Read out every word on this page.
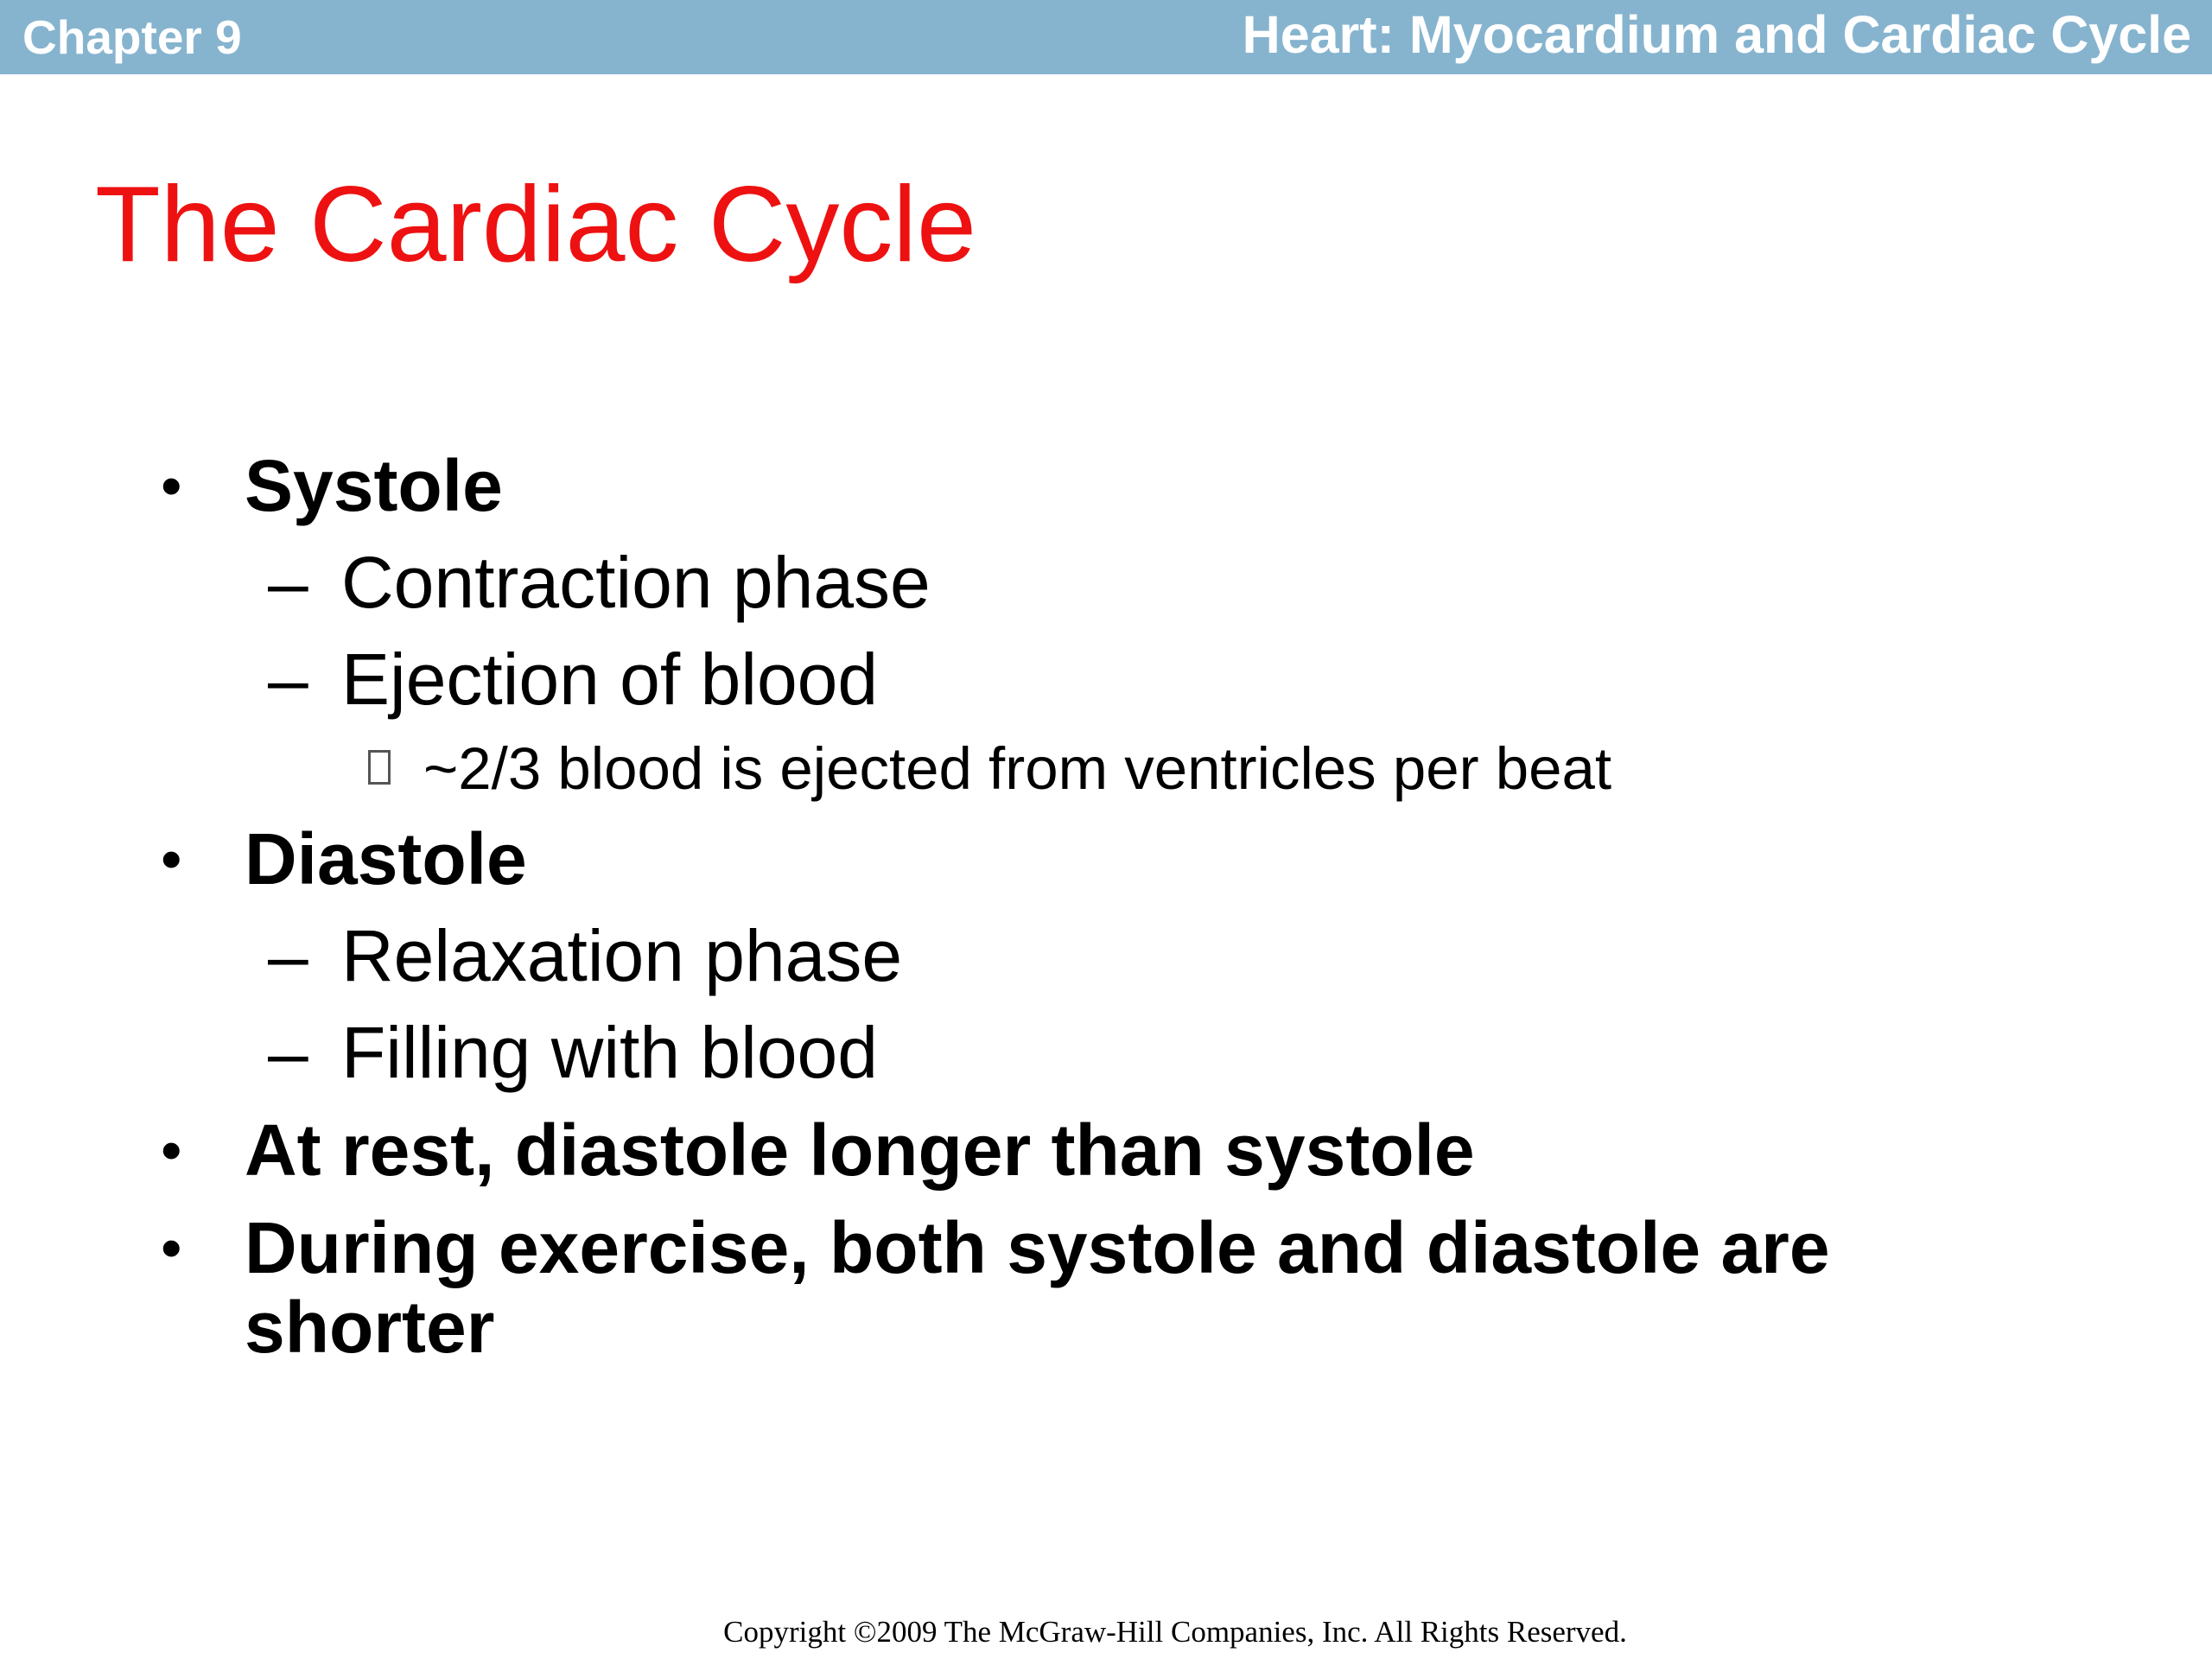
Chapter 9	Heart: Myocardium and Cardiac Cycle
The Cardiac Cycle
• Systole
– Contraction phase
– Ejection of blood
~2/3 blood is ejected from ventricles per beat
• Diastole
– Relaxation phase
– Filling with blood
• At rest, diastole longer than systole
• During exercise, both systole and diastole are
shorter
Copyright ©2009 The McGraw-Hill Companies, Inc. All Rights Reserved.
